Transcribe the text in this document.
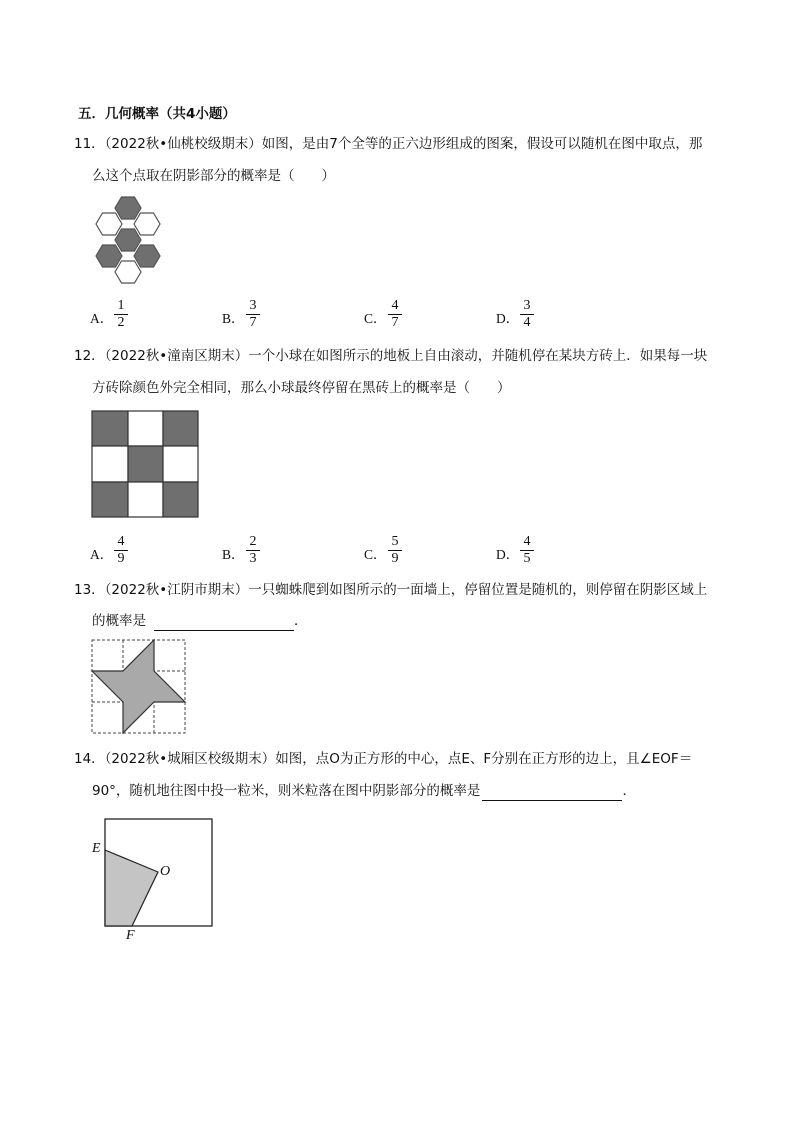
五．几何概率（共4小题）
11．（2022秋•仙桃校级期末）如图，是由7个全等的正六边形组成的图案，假设可以随机在图中取点，那
么这个点取在阴影部分的概率是（　　）
A．
1
2	B．
3
7	C．
4
7	D．
3
4
12．（2022秋•潼南区期末）一个小球在如图所示的地板上自由滚动，并随机停在某块方砖上．如果每一块
方砖除颜色外完全相同，那么小球最终停留在黑砖上的概率是（　　）
A．
4
9	B．
2
3	C．
5
9	D．
4
5
13．（2022秋•江阴市期末）一只蜘蛛爬到如图所示的一面墙上，停留位置是随机的，则停留在阴影区域上
的概率是	．
14．（2022秋•城厢区校级期末）如图，点O为正方形的中心，点E、F分别在正方形的边上，且∠EOF＝
90°，随机地往图中投一粒米，则米粒落在图中阴影部分的概率是	．
E
O
F
